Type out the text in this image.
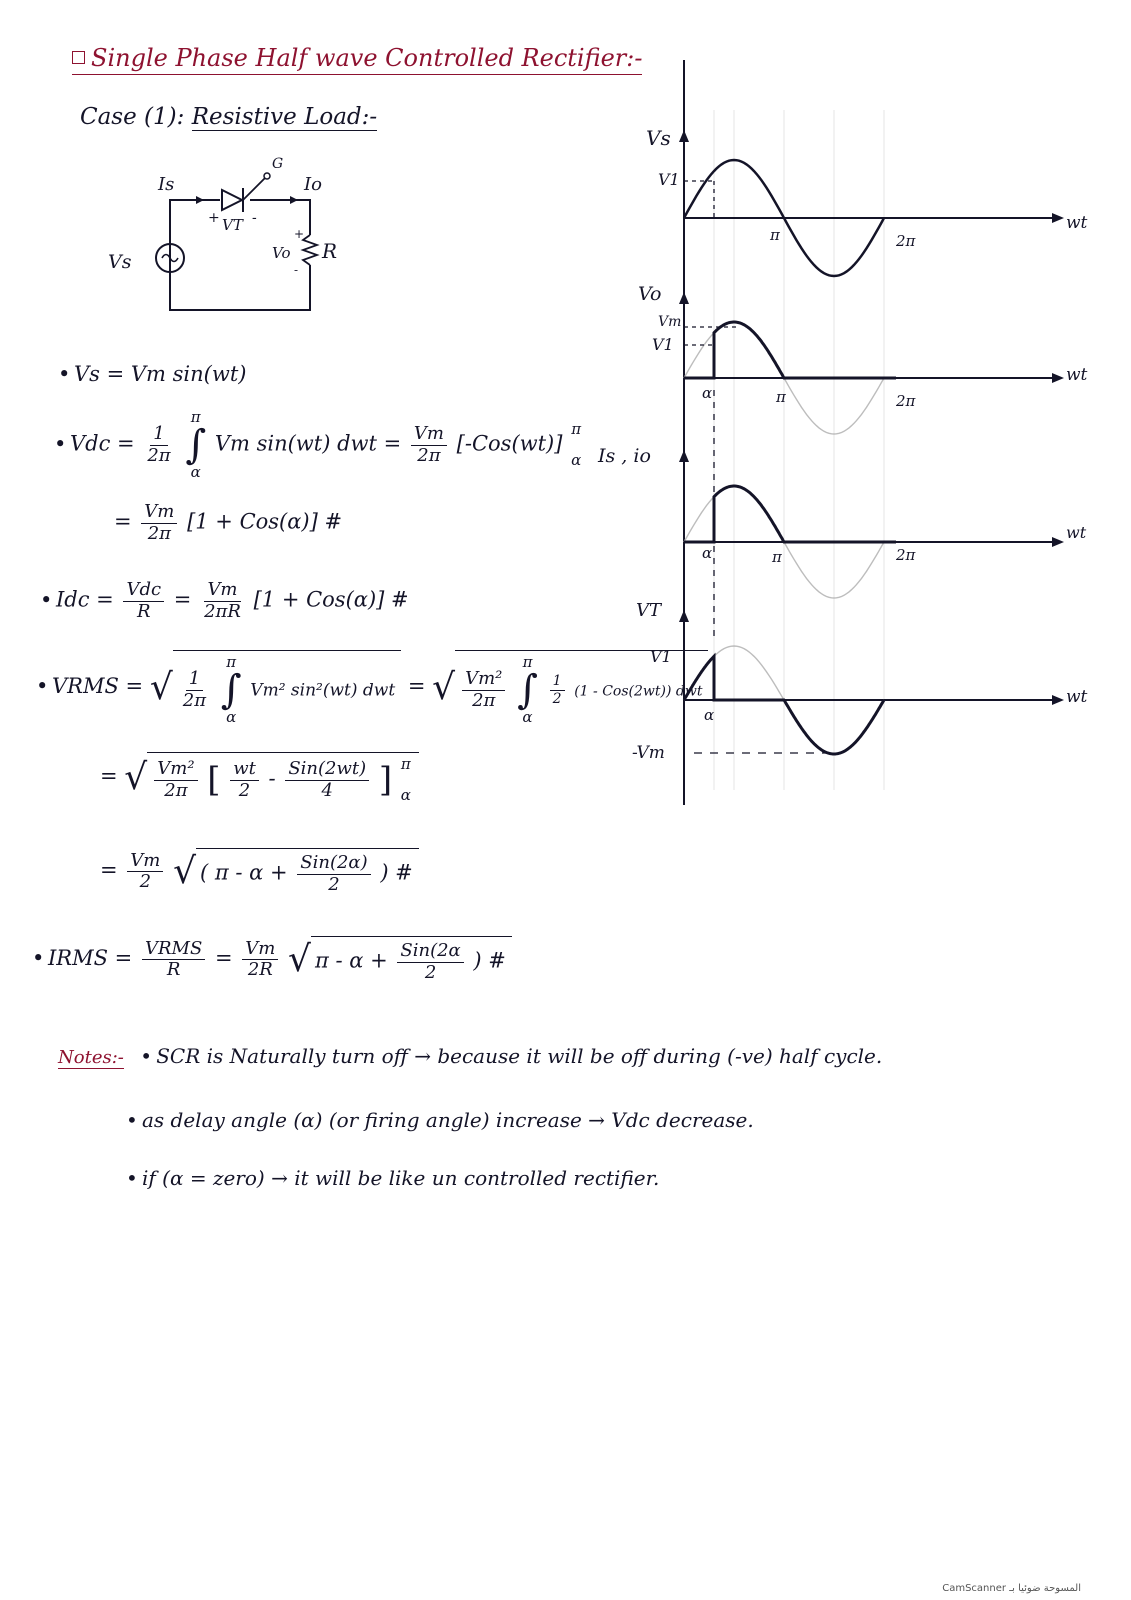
Single Phase Half wave Controlled Rectifier:-
Case (1): Resistive Load:-
Vs
Is	Io
G
+ VT -
+
Vo
-
R
• Vs = Vm sin(wt)
• Vdc = $\frac{1}{2\pi}$

π
∫
α
Vm sin(wt) dwt = $\frac{Vm}{2\pi} [-Cos(wt)]$
π
α
= $\frac{Vm}{2\pi} [1 + Cos(\alpha)]$ #
• Idc = $\frac{\text{Vdc}}{R} = \frac{Vm}{2\pi R} [1 + Cos(\alpha)]$ #
• VRMS = √ $\frac{1}{2\pi}$

π
∫
α
Vm² sin²(wt) dwt = √ $\frac{\text{Vm²}}{2\pi}$

π
∫
α

$\frac{1}{2} (1 - Cos(2wt))$ dwt
= √ $\frac{\text{Vm²}}{2\pi}$ [ $\frac{wt}{2} - \frac{\text{Sin(2wt)}}{4}$ ] π
α
= $\frac{Vm}{2}$ √ ( $\pi - \alpha + \frac{\text{Sin(2α)}}{2}$ ) #
• IRMS = $\frac{\text{VRMS}}{R} = \frac{Vm}{2R}$ √ $\pi - \alpha + \frac{\text{Sin(2α}}{2}$ ) #
Notes:- • SCR is Naturally turn off → because it will be off during (-ve) half cycle.
• as delay angle (α) (or firing angle) increase → Vdc decrease.
• if (α = zero) → it will be like un controlled rectifier.
Vs
V1
π	2π
wt
Vo
Vm
V1
α	π	2π
wt
Is , io
α	π	2π
wt
VT
V1
α
-Vm
wt
CamScanner المسوحة ضوئيا بـ
